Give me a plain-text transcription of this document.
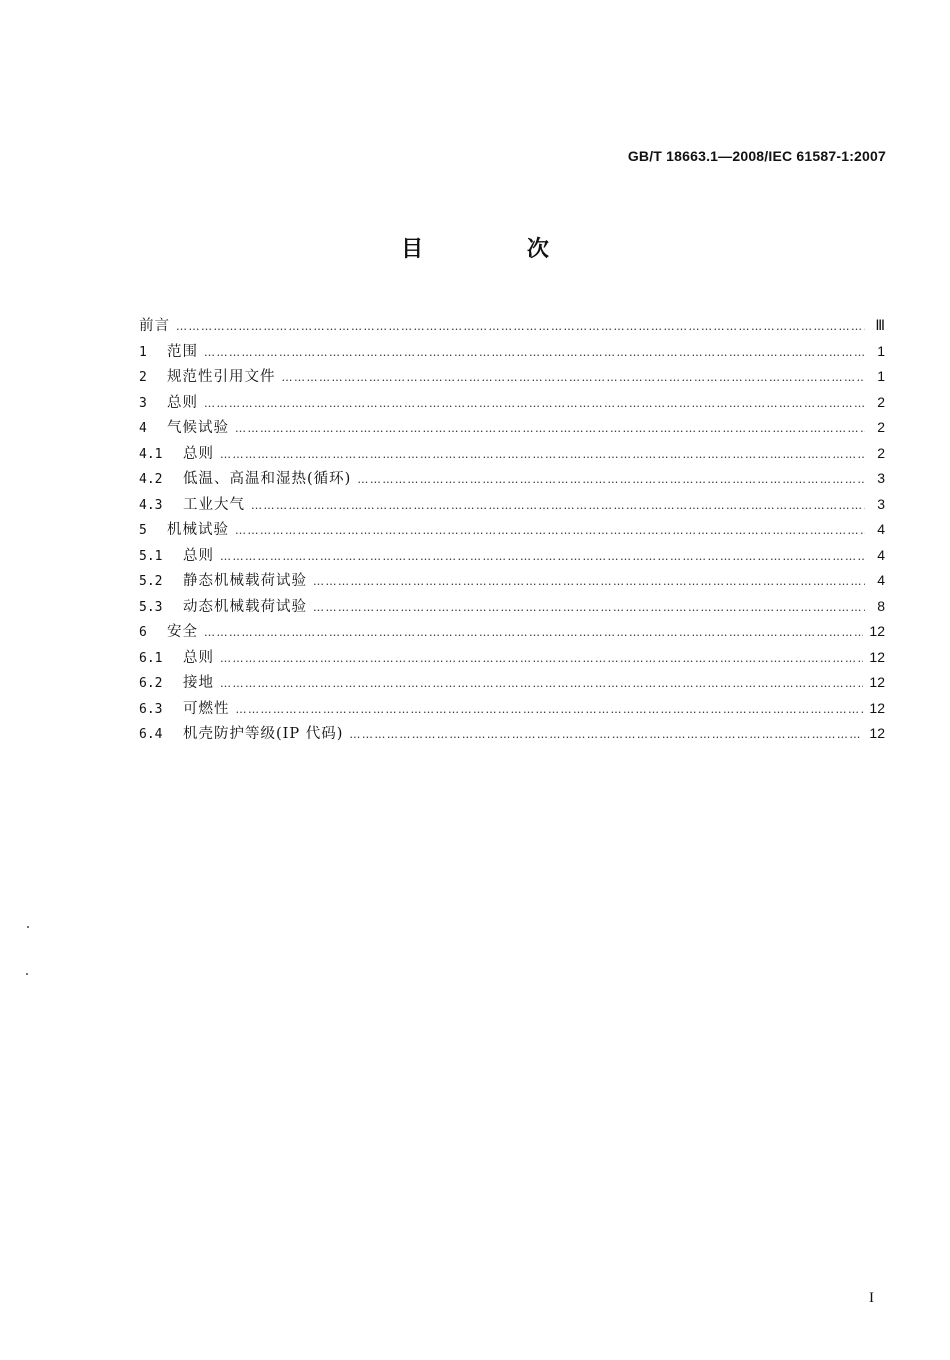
GB/T 18663.1—2008/IEC 61587-1:2007
目 次
前言 ……………………………………………………………………………………………………………………………………………………………………………………………………………………	Ⅲ
1	范围 ……………………………………………………………………………………………………………………………………………………………………………………………………………………	1
2	规范性引用文件 ……………………………………………………………………………………………………………………………………………………………………………………………………………………	1
3	总则 ……………………………………………………………………………………………………………………………………………………………………………………………………………………	2
4	气候试验 ……………………………………………………………………………………………………………………………………………………………………………………………………………………	2
4.1	总则 ……………………………………………………………………………………………………………………………………………………………………………………………………………………	2
4.2	低温、高温和湿热(循环) ……………………………………………………………………………………………………………………………………………………………………………………………………………………	3
4.3	工业大气 ……………………………………………………………………………………………………………………………………………………………………………………………………………………	3
5	机械试验 ……………………………………………………………………………………………………………………………………………………………………………………………………………………	4
5.1	总则 ……………………………………………………………………………………………………………………………………………………………………………………………………………………	4
5.2	静态机械载荷试验 ……………………………………………………………………………………………………………………………………………………………………………………………………………………	4
5.3	动态机械载荷试验 ……………………………………………………………………………………………………………………………………………………………………………………………………………………	8
6	安全 ……………………………………………………………………………………………………………………………………………………………………………………………………………………	12
6.1	总则 ……………………………………………………………………………………………………………………………………………………………………………………………………………………	12
6.2	接地 ……………………………………………………………………………………………………………………………………………………………………………………………………………………	12
6.3	可燃性 ……………………………………………………………………………………………………………………………………………………………………………………………………………………	12
6.4	机壳防护等级(IP 代码) ……………………………………………………………………………………………………………………………………………………………………………………………………………………	12
I
